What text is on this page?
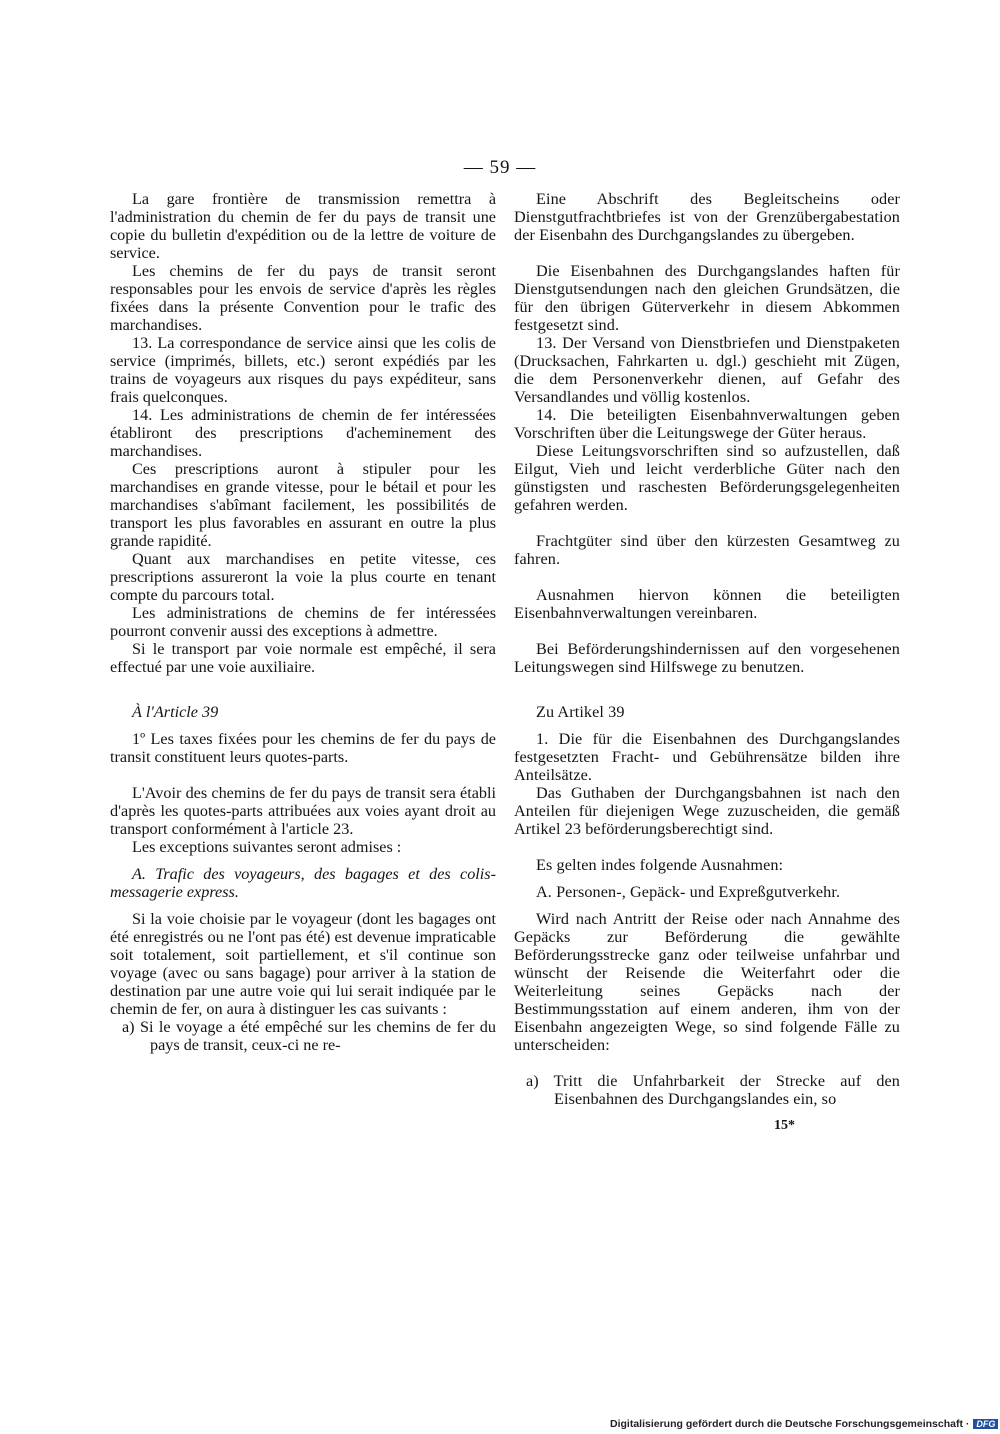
— 59 —

La gare frontière de transmission remettra à l'administration du chemin de fer du pays de transit une copie du bulletin d'expédition ou de la lettre de voiture de service.

Les chemins de fer du pays de transit seront responsables pour les envois de service d'après les règles fixées dans la présente Convention pour le trafic des marchandises.

13. La correspondance de service ainsi que les colis de service (imprimés, billets, etc.) seront expédiés par les trains de voyageurs aux risques du pays expéditeur, sans frais quelconques.

14. Les administrations de chemin de fer intéressées établiront des prescriptions d'acheminement des marchandises.

Ces prescriptions auront à stipuler pour les marchandises en grande vitesse, pour le bétail et pour les marchandises s'abîmant facilement, les possibilités de transport les plus favorables en assurant en outre la plus grande rapidité.

Quant aux marchandises en petite vitesse, ces prescriptions assureront la voie la plus courte en tenant compte du parcours total.

Les administrations de chemins de fer intéressées pourront convenir aussi des exceptions à admettre.

Si le transport par voie normale est empêché, il sera effectué par une voie auxiliaire.

À l'Article 39

1º Les taxes fixées pour les chemins de fer du pays de transit constituent leurs quotes-parts.

L'Avoir des chemins de fer du pays de transit sera établi d'après les quotes-parts attribuées aux voies ayant droit au transport conformément à l'article 23.

Les exceptions suivantes seront admises :

A. Trafic des voyageurs, des bagages et des colis-messagerie express.

Si la voie choisie par le voyageur (dont les bagages ont été enregistrés ou ne l'ont pas été) est devenue impraticable soit totalement, soit partiellement, et s'il continue son voyage (avec ou sans bagage) pour arriver à la station de destination par une autre voie qui lui serait indiquée par le chemin de fer, on aura à distinguer les cas suivants :

a) Si le voyage a été empêché sur les chemins de fer du pays de transit, ceux-ci ne re-

Eine Abschrift des Begleitscheins oder Dienstgutfrachtbriefes ist von der Grenzübergabestation der Eisenbahn des Durchgangslandes zu übergeben.

Die Eisenbahnen des Durchgangslandes haften für Dienstgutsendungen nach den gleichen Grundsätzen, die für den übrigen Güterverkehr in diesem Abkommen festgesetzt sind.

13. Der Versand von Dienstbriefen und Dienstpaketen (Drucksachen, Fahrkarten u. dgl.) geschieht mit Zügen, die dem Personenverkehr dienen, auf Gefahr des Versandlandes und völlig kostenlos.

14. Die beteiligten Eisenbahnverwaltungen geben Vorschriften über die Leitungswege der Güter heraus.

Diese Leitungsvorschriften sind so aufzustellen, daß Eilgut, Vieh und leicht verderbliche Güter nach den günstigsten und raschesten Beförderungsgelegenheiten gefahren werden.

Frachtgüter sind über den kürzesten Gesamtweg zu fahren.

Ausnahmen hiervon können die beteiligten Eisenbahnverwaltungen vereinbaren.

Bei Beförderungshindernissen auf den vorgesehenen Leitungswegen sind Hilfswege zu benutzen.

Zu Artikel 39

1. Die für die Eisenbahnen des Durchgangslandes festgesetzten Fracht- und Gebührensätze bilden ihre Anteilsätze.

Das Guthaben der Durchgangsbahnen ist nach den Anteilen für diejenigen Wege zuzuscheiden, die gemäß Artikel 23 beförderungsberechtigt sind.

Es gelten indes folgende Ausnahmen:

A. Personen-, Gepäck- und Expreßgutverkehr.

Wird nach Antritt der Reise oder nach Annahme des Gepäcks zur Beförderung die gewählte Beförderungsstrecke ganz oder teilweise unfahrbar und wünscht der Reisende die Weiterfahrt oder die Weiterleitung seines Gepäcks nach der Bestimmungsstation auf einem anderen, ihm von der Eisenbahn angezeigten Wege, so sind folgende Fälle zu unterscheiden:

a) Tritt die Unfahrbarkeit der Strecke auf den Eisenbahnen des Durchgangslandes ein, so

15*
Digitalisierung gefördert durch die Deutsche Forschungsgemeinschaft · DFG
